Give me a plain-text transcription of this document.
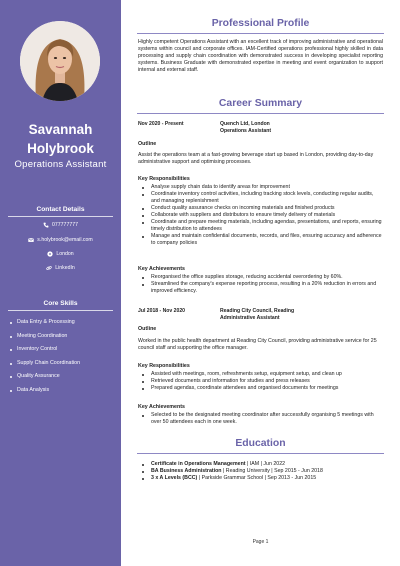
Savannah
Holybrook
Operations Assistant
Contact Details
077777777
s.holybrook@email.com
London
LinkedIn
Core Skills
Data Entry & Processing
Meeting Coordination
Inventory Control
Supply Chain Coordination
Quality Assurance
Data Analysis
Professional Profile

Highly competent Operations Assistant with an excellent track of improving administrative and operational systems within council and corporate offices. IAM-Certified operations professional highly skilled in data processing and supply chain coordination with demonstrated success in developing specialist reporting systems. Business Graduate with demonstrated expertise in meeting and event organization to support internal and external staff.

Career Summary
Nov 2020 - Present	Quench Ltd, London
Operations Assistant
Outline

Assist the operations team at a fast-growing beverage start up based in London, providing day-to-day administrative support and optimising processes.

Key Responsibilities
Analyse supply chain data to identify areas for improvement
Coordinate inventory control activities, including tracking stock levels, conducting regular audits, and managing replenishment
Conduct quality assurance checks on incoming materials and finished products
Collaborate with suppliers and distributors to ensure timely delivery of materials
Coordinate and prepare meeting materials, including agendas, presentations, and reports, ensuring timely distribution to attendees
Manage and maintain confidential documents, records, and files, ensuring accuracy and adherence to company policies
Key Achievements
Reorganised the office supplies storage, reducing accidental overordering by 60%.
Streamlined the company's expense reporting process, resulting in a 20% reduction in errors and improved efficiency.
Jul 2018 - Nov 2020	Reading City Council, Reading
Administrative Assistant
Outline

Worked in the public health department at Reading City Council, providing administrative service for 25 council staff and supporting the office manager.

Key Responsibilities
Assisted with meetings, room, refreshments setup, equipment setup, and clean up
Retrieved documents and information for studies and press releases
Prepared agendas, coordinate attendees and organised documents for meetings
Key Achievements
Selected to be the designated meeting coordinator after successfully organising 5 meetings with over 50 attendees each in one week.
Education
Certificate in Operations Management | IAM | Jun 2022
BA Business Administration | Reading University | Sep 2015 - Jun 2018
3 x A Levels (BCC) | Parkside Grammar School | Sep 2013 - Jun 2015
Page 1
